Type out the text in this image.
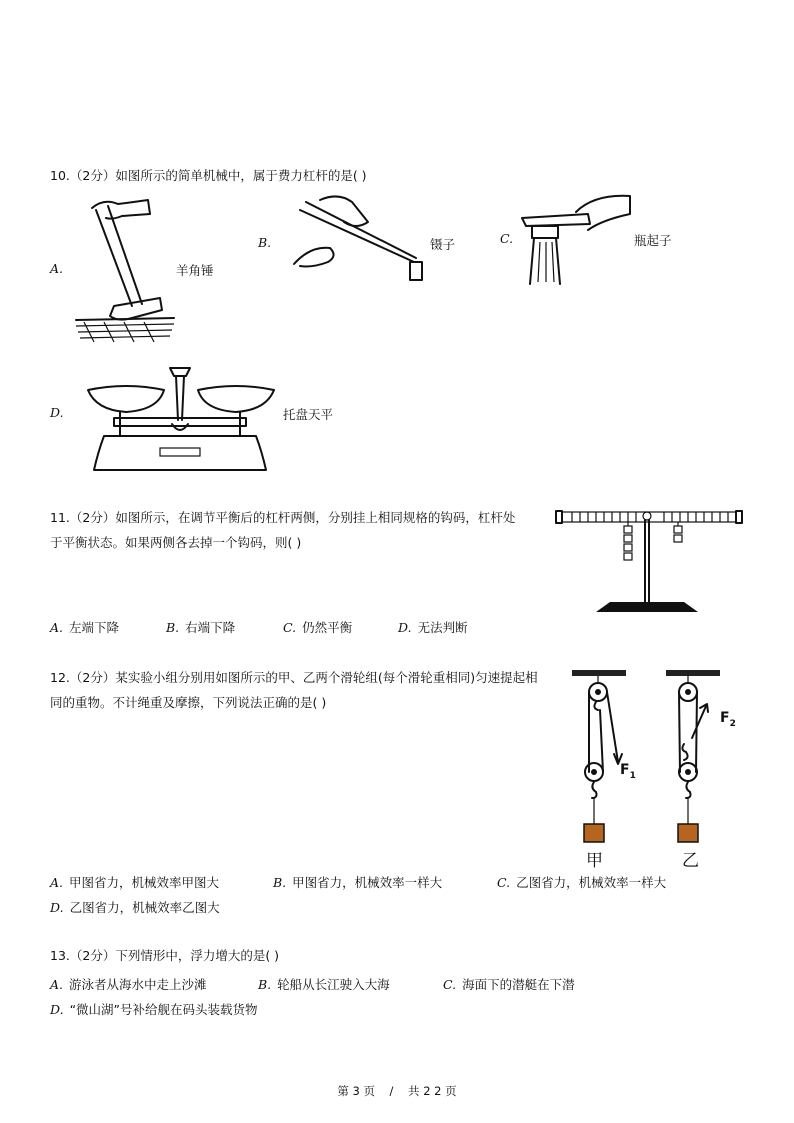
10.（2分）如图所示的简单机械中，属于费力杠杆的是( )
A.	羊角锤
B.	镊子	C.	瓶起子
D.	托盘天平
11.（2分）如图所示，在调节平衡后的杠杆两侧，分别挂上相同规格的钩码，杠杆处
于平衡状态。如果两侧各去掉一个钩码，则( )
A. 左端下降	B. 右端下降	C. 仍然平衡	D. 无法判断
12.（2分）某实验小组分别用如图所示的甲、乙两个滑轮组(每个滑轮重相同)匀速提起相
同的重物。不计绳重及摩擦，下列说法正确的是( )
$F_1$
$F_2$
甲	乙
A. 甲图省力，机械效率甲图大	B. 甲图省力，机械效率一样大	C. 乙图省力，机械效率一样大
D. 乙图省力，机械效率乙图大
13.（2分）下列情形中，浮力增大的是( )
A. 游泳者从海水中走上沙滩	B. 轮船从长江驶入大海	C. 海面下的潜艇在下潜
D. “微山湖”号补给舰在码头装载货物
第 3 页    /    共 2 2 页
